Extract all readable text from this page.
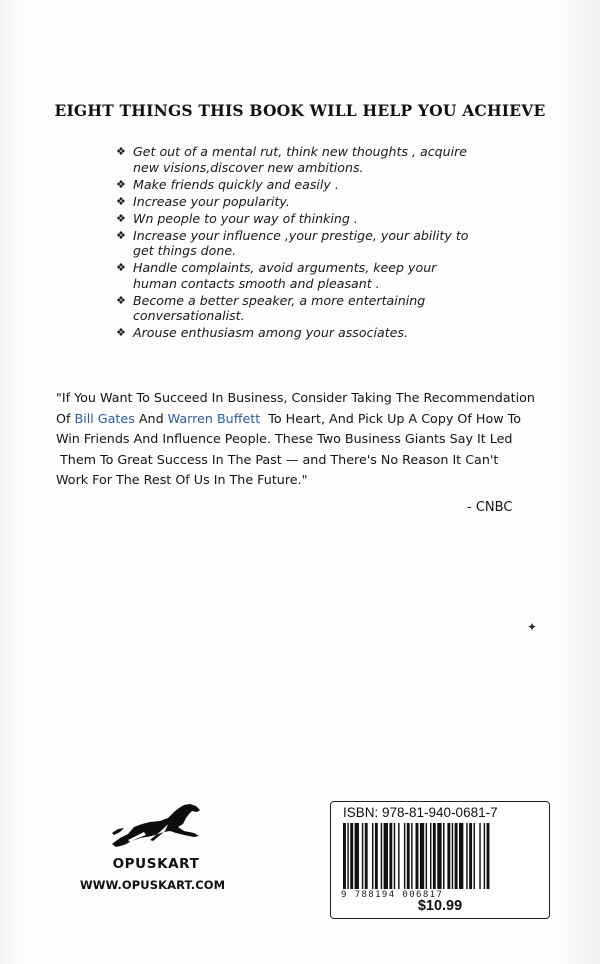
EIGHT THINGS THIS BOOK WILL HELP YOU ACHIEVE
❖ Get out of a mental rut, think new thoughts , acquire
new visions,discover new ambitions.
❖ Make friends quickly and easily .
❖ Increase your popularity.
❖ Wn people to your way of thinking .
❖ Increase your influence ,your prestige, your ability to
get things done.
❖ Handle complaints, avoid arguments, keep your
human contacts smooth and pleasant .
❖ Become a better speaker, a more entertaining
conversationalist.
❖ Arouse enthusiasm among your associates.
"If You Want To Succeed In Business, Consider Taking The Recommendation
Of Bill Gates And Warren Buffett  To Heart, And Pick Up A Copy Of How To
Win Friends And Influence People. These Two Business Giants Say It Led
Them To Great Success In The Past — and There's No Reason It Can't
Work For The Rest Of Us In The Future."
- CNBC
✦
OPUSKART
WWW.OPUSKART.COM
ISBN: 978-81-940-0681-7
9 788194 006817
$10.99
